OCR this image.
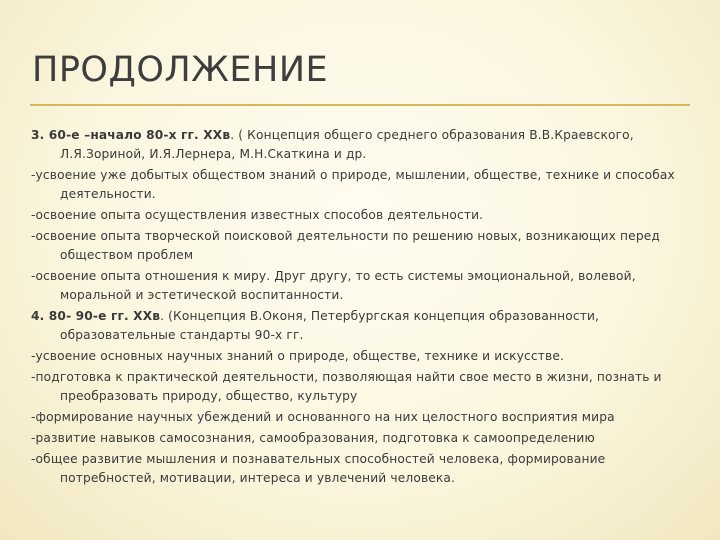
ПРОДОЛЖЕНИЕ

3. 60-е –начало 80-х гг. ХХв. ( Концепция общего среднего образования В.В.Краевского, Л.Я.Зориной, И.Я.Лернера, М.Н.Скаткина и др.

-усвоение уже добытых обществом знаний о природе, мышлении, обществе, технике и способах деятельности.

-освоение опыта осуществления известных способов деятельности.

-освоение опыта творческой поисковой деятельности по решению новых, возникающих перед обществом проблем

-освоение опыта отношения к миру. Друг другу, то есть системы эмоциональной, волевой, моральной и эстетической воспитанности.

4. 80- 90-е гг. ХХв. (Концепция В.Оконя, Петербургская концепция образованности, образовательные стандарты 90-х гг.

-усвоение основных научных знаний о природе, обществе, технике и искусстве.

-подготовка к практической деятельности, позволяющая найти свое место в жизни, познать и преобразовать природу, общество, культуру

-формирование научных убеждений и основанного на них целостного восприятия мира

-развитие навыков самосознания, самообразования, подготовка к самоопределению

-общее развитие мышления и познавательных способностей человека, формирование потребностей, мотивации, интереса и увлечений человека.
